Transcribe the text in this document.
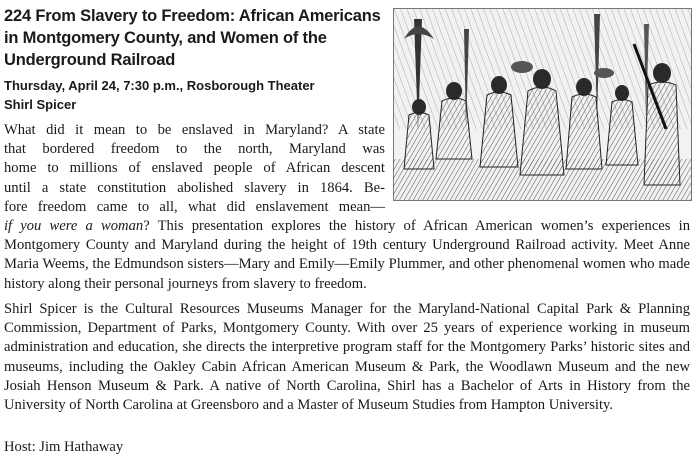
224 From Slavery to Freedom: African Americans
in Montgomery County, and Women of the
Underground Railroad
Thursday, April 24, 7:30 p.m., Rosborough Theater
Shirl Spicer
What did it mean to be enslaved in Maryland? A state
that bordered freedom to the north, Maryland was
home to millions of enslaved people of African descent
until a state constitution abolished slavery in 1864. Be-
fore freedom came to all, what did enslavement mean—
if you were a woman? This presentation explores the history of African American women’s experiences in Montgomery County and Maryland during the height of 19th century Underground Railroad activity. Meet Anne Maria Weems, the Edmundson sisters—Mary and Emily—Emily Plummer, and other phenomenal women who made history along their personal journeys from slavery to freedom.
Shirl Spicer is the Cultural Resources Museums Manager for the Maryland-National Capital Park & Planning Commission, Department of Parks, Montgomery County. With over 25 years of experience working in museum administration and education, she directs the interpretive program staff for the Montgomery Parks’ historic sites and museums, including the Oakley Cabin African American Museum & Park, the Woodlawn Museum and the new Josiah Henson Museum & Park. A native of North Carolina, Shirl has a Bachelor of Arts in History from the University of North Carolina at Greensboro and a Master of Museum Studies from Hampton University.
Host: Jim Hathaway
